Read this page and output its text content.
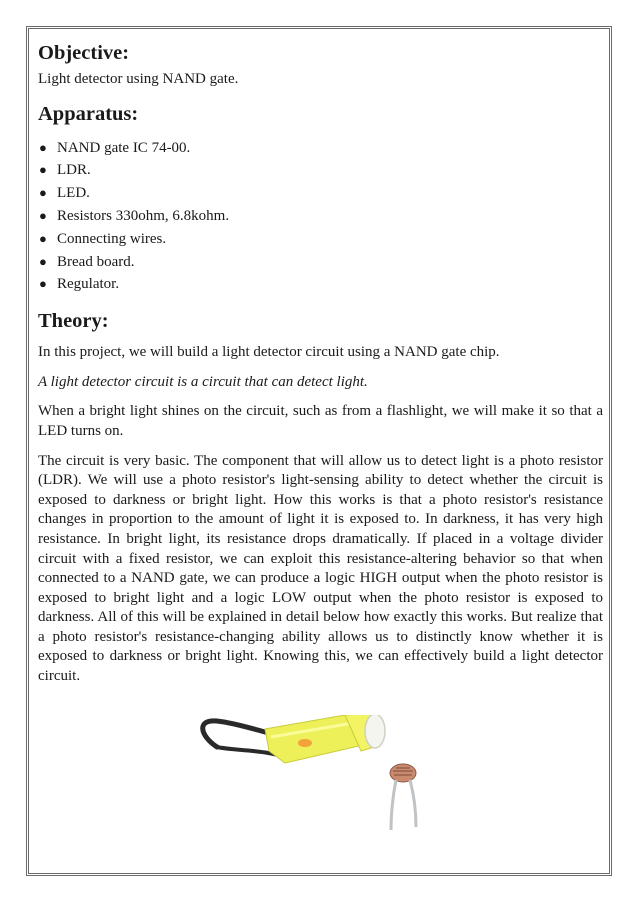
Objective:

Light detector using NAND gate.

Apparatus:
● NAND gate IC 74-00.
● LDR.
● LED.
● Resistors 330ohm, 6.8kohm.
● Connecting wires.
● Bread board.
● Regulator.
Theory:

In this project, we will build a light detector circuit using a NAND gate chip.

A light detector circuit is a circuit that can detect light.

When a bright light shines on the circuit, such as from a flashlight, we will make it so that a LED turns on.

The circuit is very basic. The component that will allow us to detect light is a photo resistor (LDR). We will use a photo resistor's light-sensing ability to detect whether the circuit is exposed to darkness or bright light. How this works is that a photo resistor's resistance changes in proportion to the amount of light it is exposed to. In darkness, it has very high resistance. In bright light, its resistance drops dramatically. If placed in a voltage divider circuit with a fixed resistor, we can exploit this resistance-altering behavior so that when connected to a NAND gate, we can produce a logic HIGH output when the photo resistor is exposed to bright light and a logic LOW output when the photo resistor is exposed to darkness. All of this will be explained in detail below how exactly this works. But realize that a photo resistor's resistance-changing ability allows us to distinctly know whether it is exposed to darkness or bright light. Knowing this, we can effectively build a light detector circuit.
